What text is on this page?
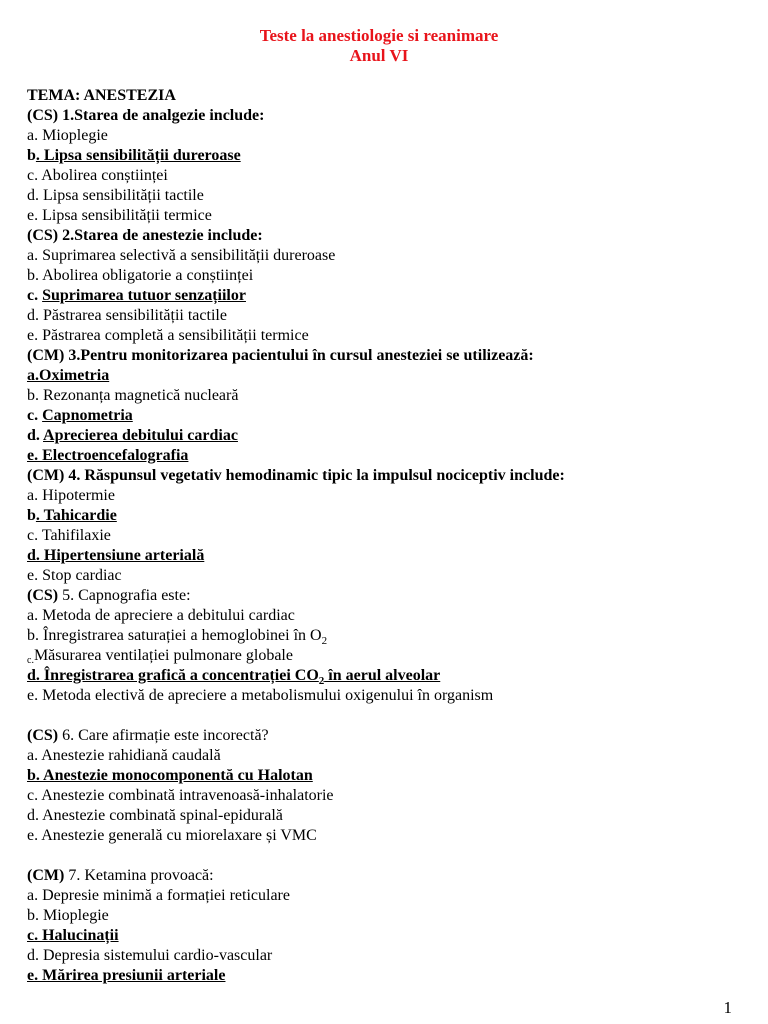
Teste la anestiologie si reanimare
Anul VI
TEMA: ANESTEZIA
(CS) 1.Starea de analgezie include:
a. Mioplegie
b. Lipsa sensibilității dureroase
c. Abolirea conștiinței
d. Lipsa sensibilității tactile
e. Lipsa sensibilității termice
(CS) 2.Starea de anestezie include:
a. Suprimarea selectivă a sensibilității dureroase
b. Abolirea obligatorie a conștiinței
c. Suprimarea tutuor senzațiilor
d. Păstrarea sensibilității tactile
e. Păstrarea completă a sensibilității termice
(CM) 3.Pentru monitorizarea pacientului în cursul anesteziei se utilizează:
a.Oximetria
b. Rezonanța magnetică nucleară
c. Capnometria
d. Aprecierea debitului cardiac
e. Electroencefalografia
(CM) 4. Răspunsul vegetativ hemodinamic tipic la impulsul nociceptiv include:
a. Hipotermie
b. Tahicardie
c. Tahifilaxie
d. Hipertensiune arterială
e. Stop cardiac
(CS) 5. Capnografia este:
a. Metoda de apreciere a debitului cardiac
b. Înregistrarea saturației a hemoglobinei în $O_2$
c.Măsurarea ventilației pulmonare globale
d. Înregistrarea grafică a concentrației $CO_2$ în aerul alveolar
e. Metoda electivă de apreciere a metabolismului oxigenului în organism
(CS) 6. Care afirmație este incorectă?
a. Anestezie rahidiană caudală
b. Anestezie monocomponentă cu Halotan
c. Anestezie combinată intravenoasă-inhalatorie
d. Anestezie combinată spinal-epidurală
e. Anestezie generală cu miorelaxare și VMC
(CM) 7. Ketamina provoacă:
a. Depresie minimă a formației reticulare
b. Mioplegie
c. Halucinații
d. Depresia sistemului cardio-vascular
e. Mărirea presiunii arteriale
1
